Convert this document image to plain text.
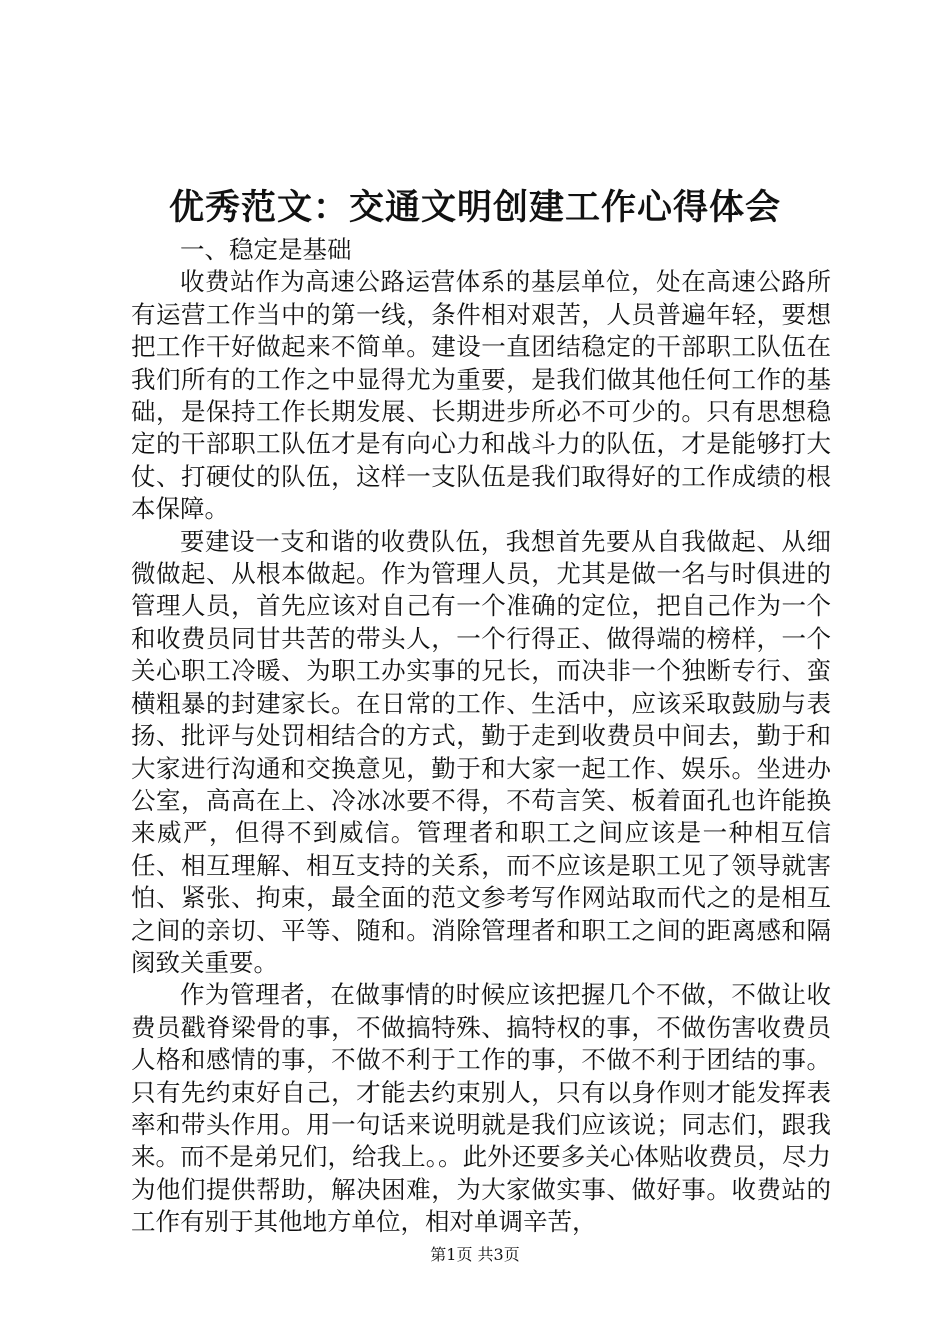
优秀范文：交通文明创建工作心得体会

一、稳定是基础

收费站作为高速公路运营体系的基层单位，处在高速公路所有运营工作当中的第一线，条件相对艰苦，人员普遍年轻，要想把工作干好做起来不简单。建设一直团结稳定的干部职工队伍在我们所有的工作之中显得尤为重要，是我们做其他任何工作的基础，是保持工作长期发展、长期进步所必不可少的。只有思想稳定的干部职工队伍才是有向心力和战斗力的队伍，才是能够打大仗、打硬仗的队伍，这样一支队伍是我们取得好的工作成绩的根本保障。

要建设一支和谐的收费队伍，我想首先要从自我做起、从细微做起、从根本做起。作为管理人员，尤其是做一名与时俱进的管理人员，首先应该对自己有一个准确的定位，把自己作为一个和收费员同甘共苦的带头人，一个行得正、做得端的榜样，一个关心职工冷暖、为职工办实事的兄长，而决非一个独断专行、蛮横粗暴的封建家长。在日常的工作、生活中，应该采取鼓励与表扬、批评与处罚相结合的方式，勤于走到收费员中间去，勤于和大家进行沟通和交换意见，勤于和大家一起工作、娱乐。坐进办公室，高高在上、冷冰冰要不得，不苟言笑、板着面孔也许能换来威严，但得不到威信。管理者和职工之间应该是一种相互信任、相互理解、相互支持的关系，而不应该是职工见了领导就害怕、紧张、拘束，最全面的范文参考写作网站取而代之的是相互之间的亲切、平等、随和。消除管理者和职工之间的距离感和隔阂致关重要。

作为管理者，在做事情的时候应该把握几个不做，不做让收费员戳脊梁骨的事，不做搞特殊、搞特权的事，不做伤害收费员人格和感情的事，不做不利于工作的事，不做不利于团结的事。只有先约束好自己，才能去约束别人，只有以身作则才能发挥表率和带头作用。用一句话来说明就是我们应该说；同志们，跟我来。而不是弟兄们，给我上。。此外还要多关心体贴收费员，尽力为他们提供帮助，解决困难，为大家做实事、做好事。收费站的工作有别于其他地方单位，相对单调辛苦，

第1页 共3页
